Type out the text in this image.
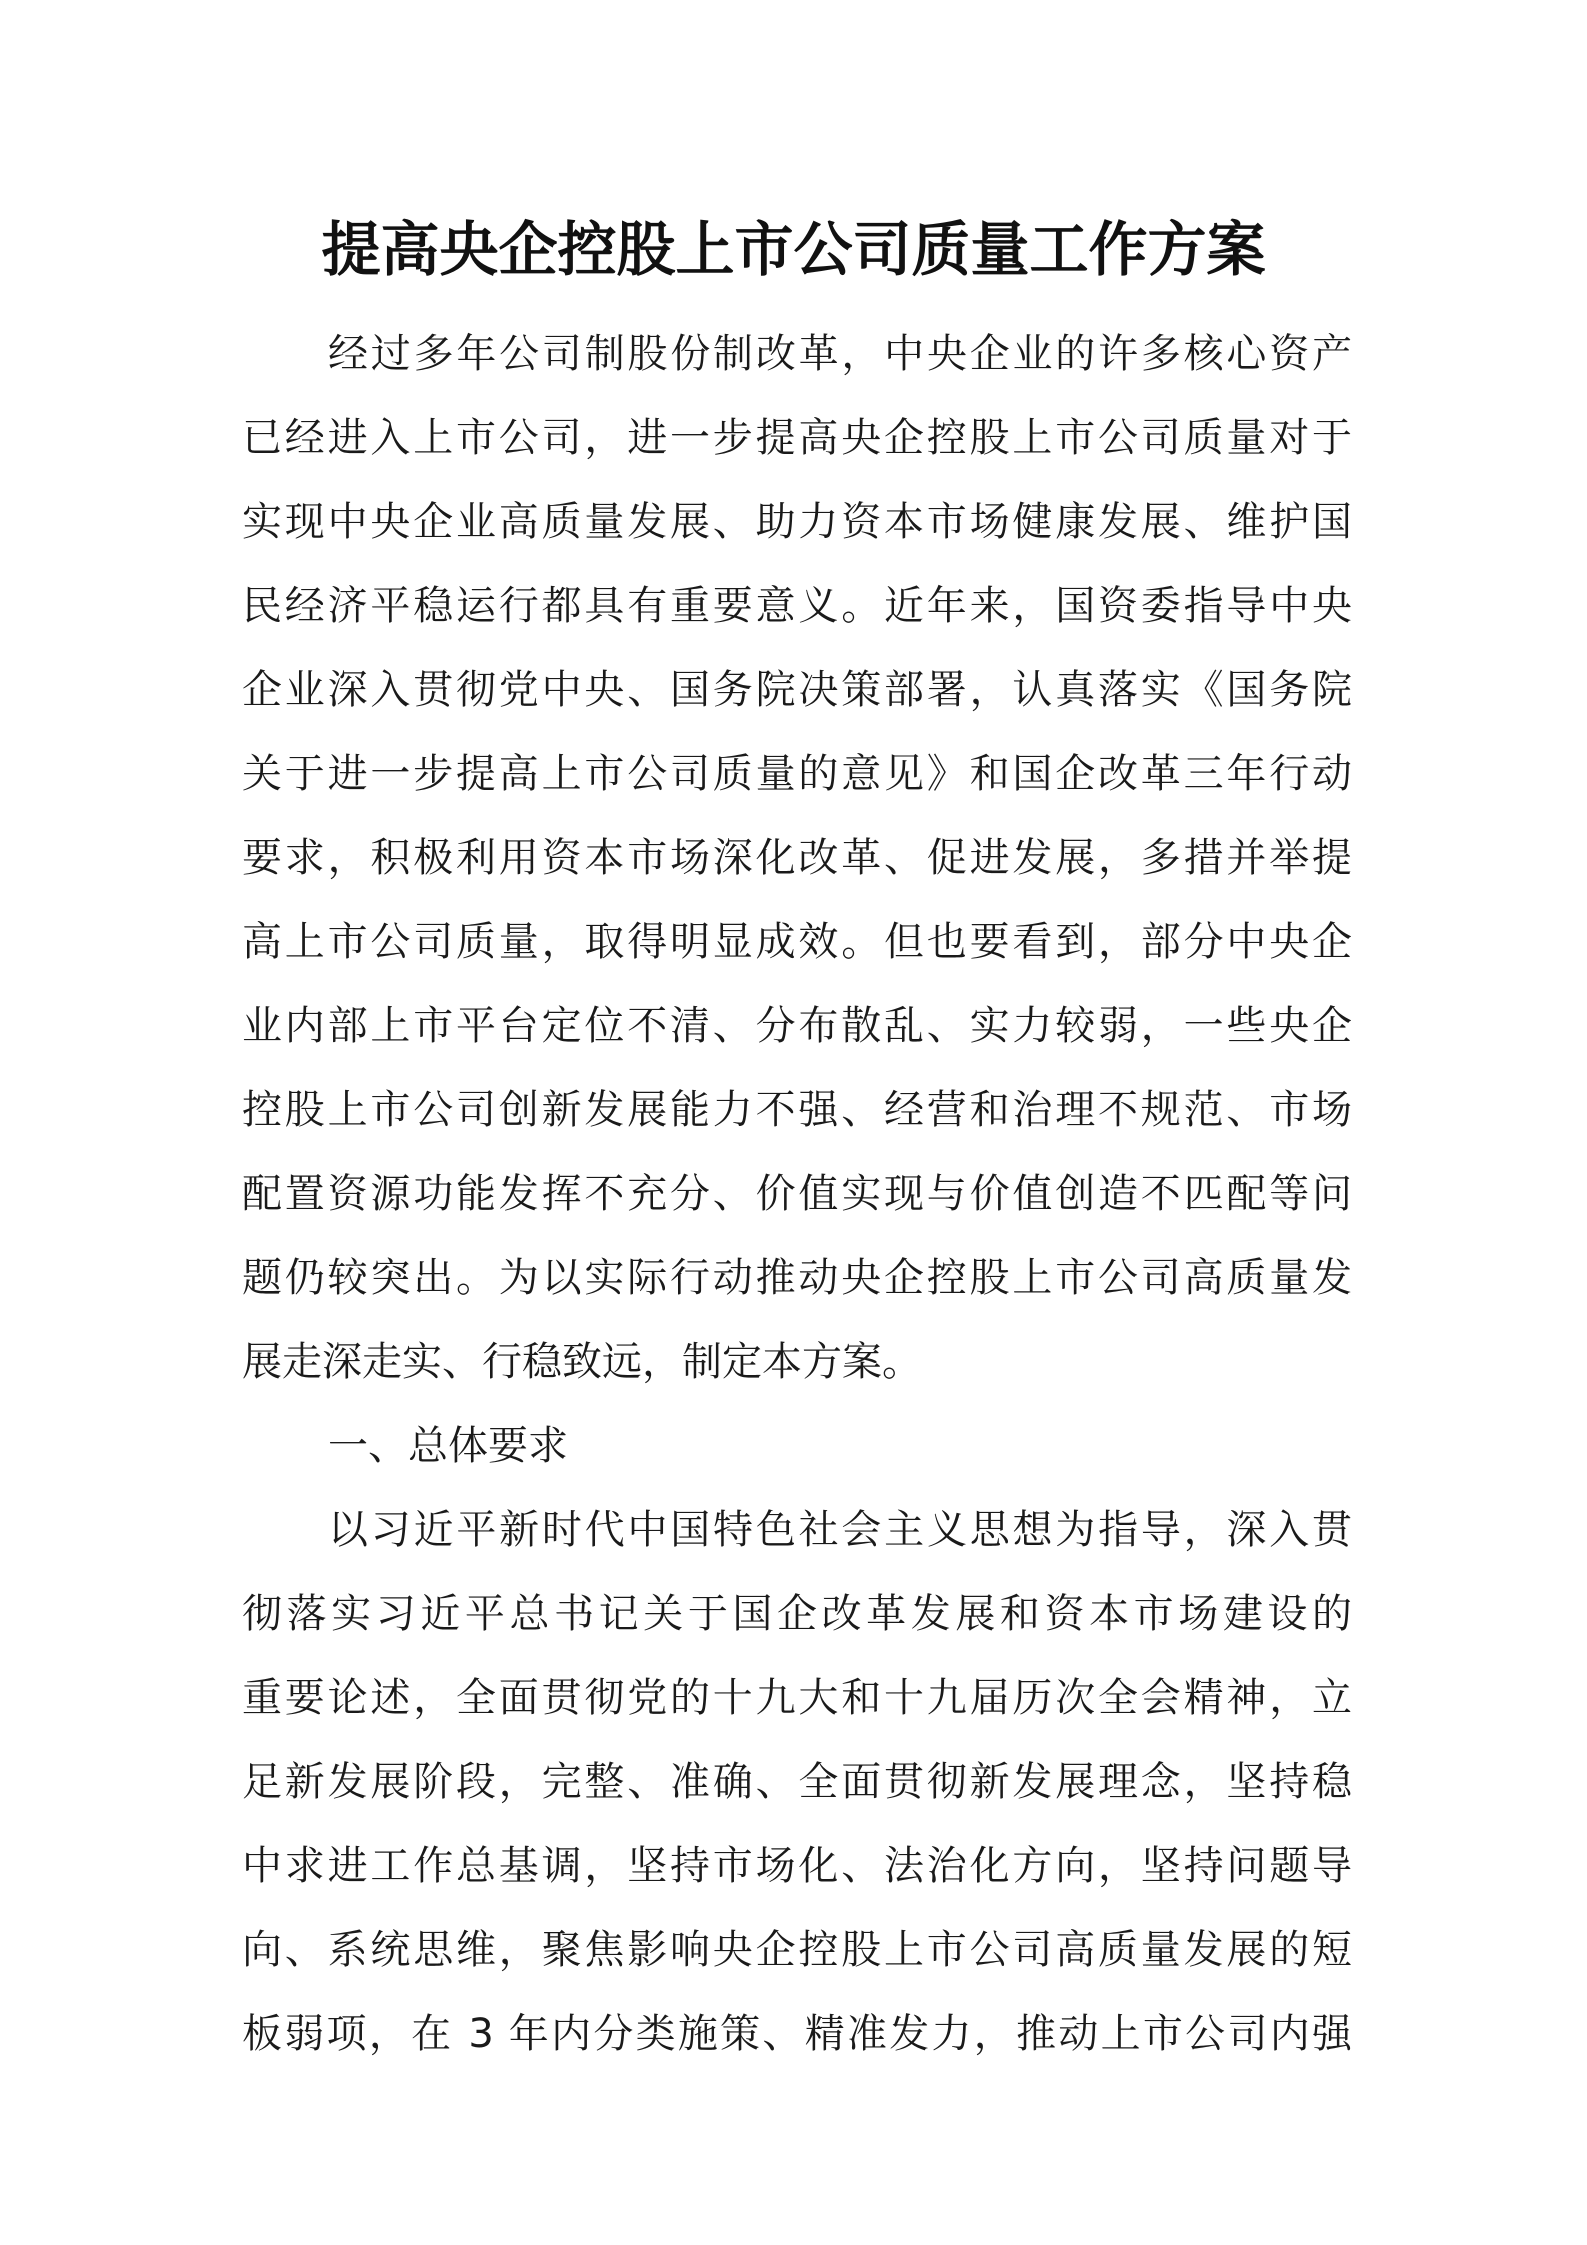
提高央企控股上市公司质量工作方案
经过多年公司制股份制改革，中央企业的许多核心资产
已经进入上市公司，进一步提高央企控股上市公司质量对于
实现中央企业高质量发展、助力资本市场健康发展、维护国
民经济平稳运行都具有重要意义。近年来，国资委指导中央
企业深入贯彻党中央、国务院决策部署，认真落实《国务院
关于进一步提高上市公司质量的意见》和国企改革三年行动
要求，积极利用资本市场深化改革、促进发展，多措并举提
高上市公司质量，取得明显成效。但也要看到，部分中央企
业内部上市平台定位不清、分布散乱、实力较弱，一些央企
控股上市公司创新发展能力不强、经营和治理不规范、市场
配置资源功能发挥不充分、价值实现与价值创造不匹配等问
题仍较突出。为以实际行动推动央企控股上市公司高质量发
展走深走实、行稳致远，制定本方案。
一、总体要求
以习近平新时代中国特色社会主义思想为指导，深入贯
彻落实习近平总书记关于国企改革发展和资本市场建设的
重要论述，全面贯彻党的十九大和十九届历次全会精神，立
足新发展阶段，完整、准确、全面贯彻新发展理念，坚持稳
中求进工作总基调，坚持市场化、法治化方向，坚持问题导
向、系统思维，聚焦影响央企控股上市公司高质量发展的短
板弱项，在 3 年内分类施策、精准发力，推动上市公司内强
